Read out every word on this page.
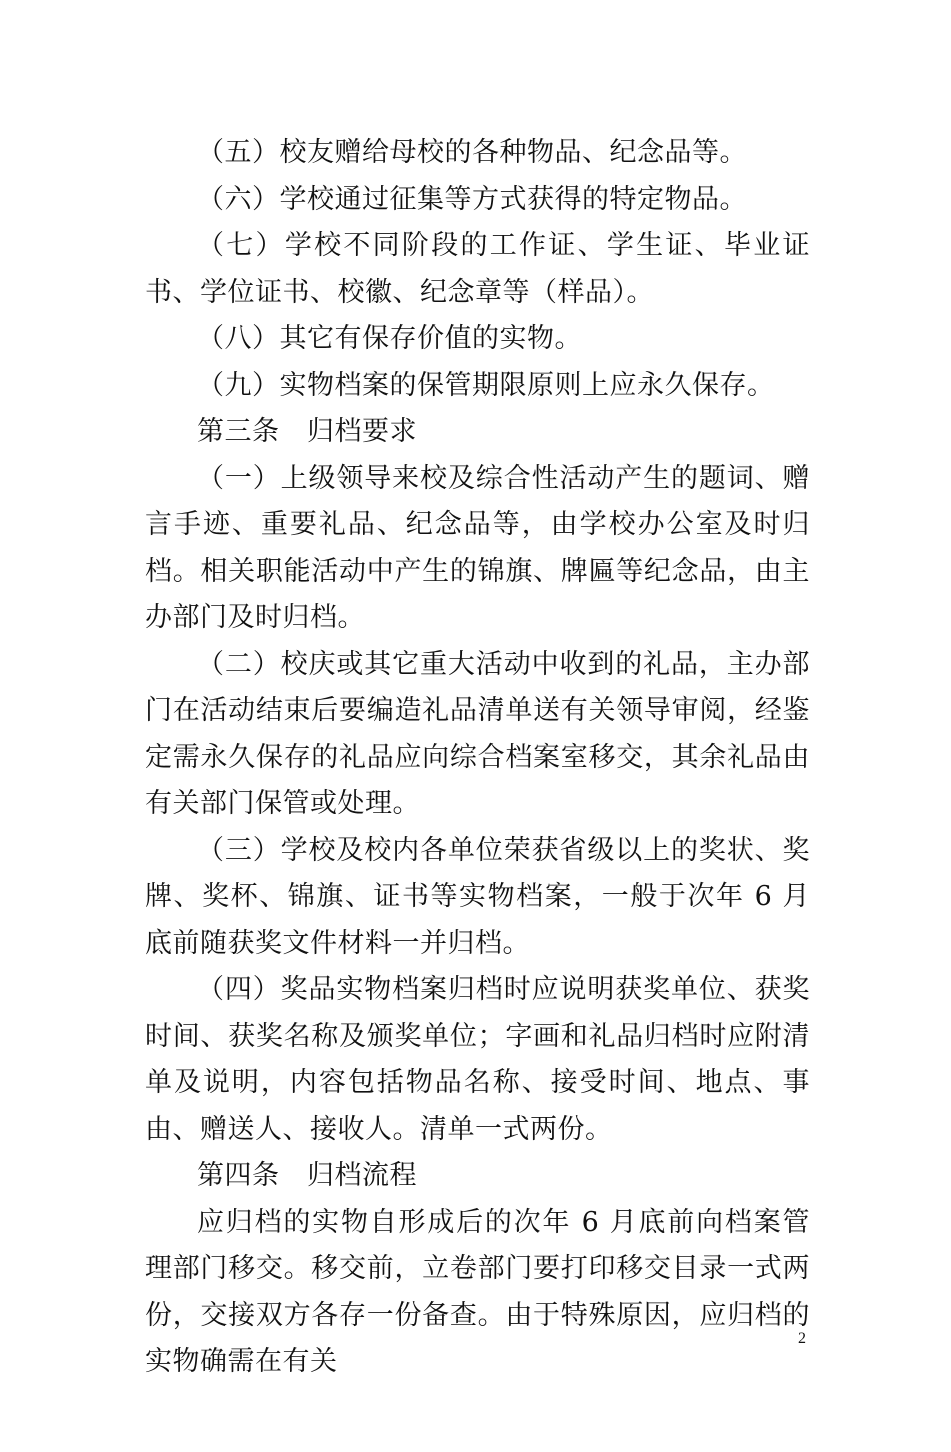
（五）校友赠给母校的各种物品、纪念品等。

（六）学校通过征集等方式获得的特定物品。

（七）学校不同阶段的工作证、学生证、毕业证书、学位证书、校徽、纪念章等（样品）。

（八）其它有保存价值的实物。

（九）实物档案的保管期限原则上应永久保存。

第三条　归档要求

（一）上级领导来校及综合性活动产生的题词、赠言手迹、重要礼品、纪念品等，由学校办公室及时归档。相关职能活动中产生的锦旗、牌匾等纪念品，由主办部门及时归档。

（二）校庆或其它重大活动中收到的礼品，主办部门在活动结束后要编造礼品清单送有关领导审阅，经鉴定需永久保存的礼品应向综合档案室移交，其余礼品由有关部门保管或处理。

（三）学校及校内各单位荣获省级以上的奖状、奖牌、奖杯、锦旗、证书等实物档案，一般于次年 6 月底前随获奖文件材料一并归档。

（四）奖品实物档案归档时应说明获奖单位、获奖时间、获奖名称及颁奖单位；字画和礼品归档时应附清单及说明，内容包括物品名称、接受时间、地点、事由、赠送人、接收人。清单一式两份。

第四条　归档流程

应归档的实物自形成后的次年 6 月底前向档案管理部门移交。移交前，立卷部门要打印移交目录一式两份，交接双方各存一份备查。由于特殊原因，应归档的实物确需在有关

2
